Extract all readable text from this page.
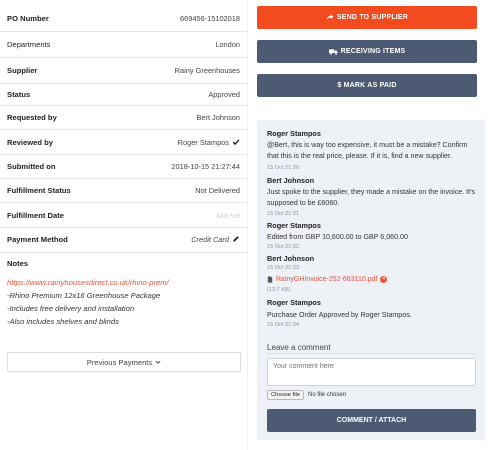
PO Number	669456-15102018
Departments	London
Supplier	Rainy Greenhouses
Status	Approved
Requested by	Bert Johnson
Reviewed by	Roger Stampos
Submitted on	2018-10-15 21:27:44
Fulfillment Status	Not Delivered
Fulfillment Date	Not set
Payment Method	Credit Card
Notes
https://www.rainyhousesdirect.co.uk/rhino-prem/
-Rhino Premium 12x16 Greenhouse Package
-Includes free delivery and installation
-Also includes shelves and blinds
Previous Payments
SEND TO SUPPLIER
RECEIVING ITEMS
$ MARK AS PAID
Roger Stampos
@Bert, this is way too expensive, it must be a mistake? Confirm that this is the real price, please. If it is, find a new supplier.
15 Oct 21:30
Bert Johnson
Just spoke to the supplier, they made a mistake on the invoice. It's supposed to be £6060.
15 Oct 21:31
Roger Stampos
Edited from GBP 10,600.00 to GBP 6,060.00
15 Oct 21:32
Bert Johnson
15 Oct 21:33
RainyGHInvoice-252-663110.pdf ×
(13.7 KB)
Roger Stampos
Purchase Order Approved by Roger Stampos.
15 Oct 21:34
Leave a comment
Your comment here
Choose file	No file chosen
COMMENT / ATTACH
